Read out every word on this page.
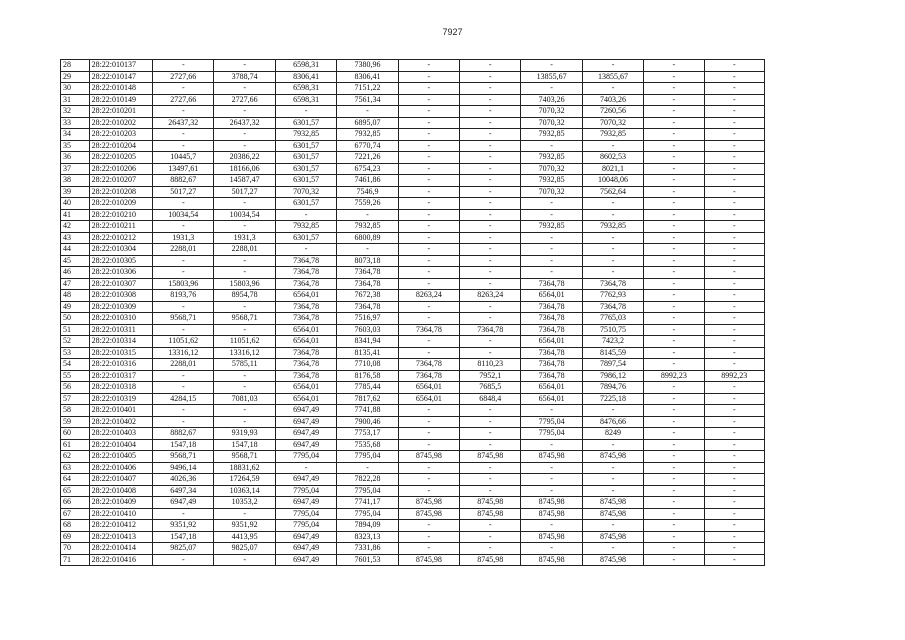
7927
28	28:22:010137	-	-	6598,31	7380,96	-	-	-	-	-	-
29	28:22:010147	2727,66	3788,74	8306,41	8306,41	-	-	13855,67	13855,67	-	-
30	28:22:010148	-	-	6598,31	7151,22	-	-	-	-	-	-
31	28:22:010149	2727,66	2727,66	6598,31	7561,34	-	-	7403,26	7403,26	-	-
32	28:22:010201	-	-	-	-	-	-	7070,32	7260,56	-	-
33	28:22:010202	26437,32	26437,32	6301,57	6895,07	-	-	7070,32	7070,32	-	-
34	28:22:010203	-	-	7932,85	7932,85	-	-	7932,85	7932,85	-	-
35	28:22:010204	-	-	6301,57	6770,74	-	-	-	-	-	-
36	28:22:010205	10445,7	20386,22	6301,57	7221,26	-	-	7932,85	8602,53	-	-
37	28:22:010206	13497,61	18166,06	6301,57	6754,23	-	-	7070,32	8021,1	-	-
38	28:22:010207	8882,67	14587,47	6301,57	7461,86	-	-	7932,85	10048,06	-	-
39	28:22:010208	5017,27	5017,27	7070,32	7546,9	-	-	7070,32	7562,64	-	-
40	28:22:010209	-	-	6301,57	7559,26	-	-	-	-	-	-
41	28:22:010210	10034,54	10034,54	-	-	-	-	-	-	-	-
42	28:22:010211	-	-	7932,85	7932,85	-	-	7932,85	7932,85	-	-
43	28:22:010212	1931,3	1931,3	6301,57	6800,89	-	-	-	-	-	-
44	28:22:010304	2288,01	2288,01	-	-	-	-	-	-	-	-
45	28:22:010305	-	-	7364,78	8073,18	-	-	-	-	-	-
46	28:22:010306	-	-	7364,78	7364,78	-	-	-	-	-	-
47	28:22:010307	15803,96	15803,96	7364,78	7364,78	-	-	7364,78	7364,78	-	-
48	28:22:010308	8193,76	8954,78	6564,01	7672,38	8263,24	8263,24	6564,01	7762,93	-	-
49	28:22:010309	-	-	7364,78	7364,78	-	-	7364,78	7364,78	-	-
50	28:22:010310	9568,71	9568,71	7364,78	7516,97	-	-	7364,78	7765,03	-	-
51	28:22:010311	-	-	6564,01	7603,03	7364,78	7364,78	7364,78	7510,75	-	-
52	28:22:010314	11051,62	11051,62	6564,01	8341,94	-	-	6564,01	7423,2	-	-
53	28:22:010315	13316,12	13316,12	7364,78	8135,41	-	-	7364,78	8145,59	-	-
54	28:22:010316	2288,01	5785,11	7364,78	7710,08	7364,78	8110,23	7364,78	7897,54	-	-
55	28:22:010317	-	-	7364,78	8176,58	7364,78	7952,1	7364,78	7986,12	8992,23	8992,23
56	28:22:010318	-	-	6564,01	7785,44	6564,01	7685,5	6564,01	7894,76	-	-
57	28:22:010319	4284,15	7081,03	6564,01	7817,62	6564,01	6848,4	6564,01	7225,18	-	-
58	28:22:010401	-	-	6947,49	7741,88	-	-	-	-	-	-
59	28:22:010402	-	-	6947,49	7900,46	-	-	7795,04	8476,66	-	-
60	28:22:010403	8882,67	9319,93	6947,49	7753,17	-	-	7795,04	8249	-	-
61	28:22:010404	1547,18	1547,18	6947,49	7535,68	-	-	-	-	-	-
62	28:22:010405	9568,71	9568,71	7795,04	7795,04	8745,98	8745,98	8745,98	8745,98	-	-
63	28:22:010406	9496,14	18831,62	-	-	-	-	-	-	-	-
64	28:22:010407	4026,36	17264,59	6947,49	7822,28	-	-	-	-	-	-
65	28:22:010408	6497,34	10363,14	7795,04	7795,04	-	-	-	-	-	-
66	28:22:010409	6947,49	10353,2	6947,49	7741,17	8745,98	8745,98	8745,98	8745,98	-	-
67	28:22:010410	-	-	7795,04	7795,04	8745,98	8745,98	8745,98	8745,98	-	-
68	28:22:010412	9351,92	9351,92	7795,04	7894,09	-	-	-	-	-	-
69	28:22:010413	1547,18	4413,95	6947,49	8323,13	-	-	8745,98	8745,98	-	-
70	28:22:010414	9825,07	9825,07	6947,49	7331,86	-	-	-	-	-	-
71	28:22:010416	-	-	6947,49	7601,53	8745,98	8745,98	8745,98	8745,98	-	-
